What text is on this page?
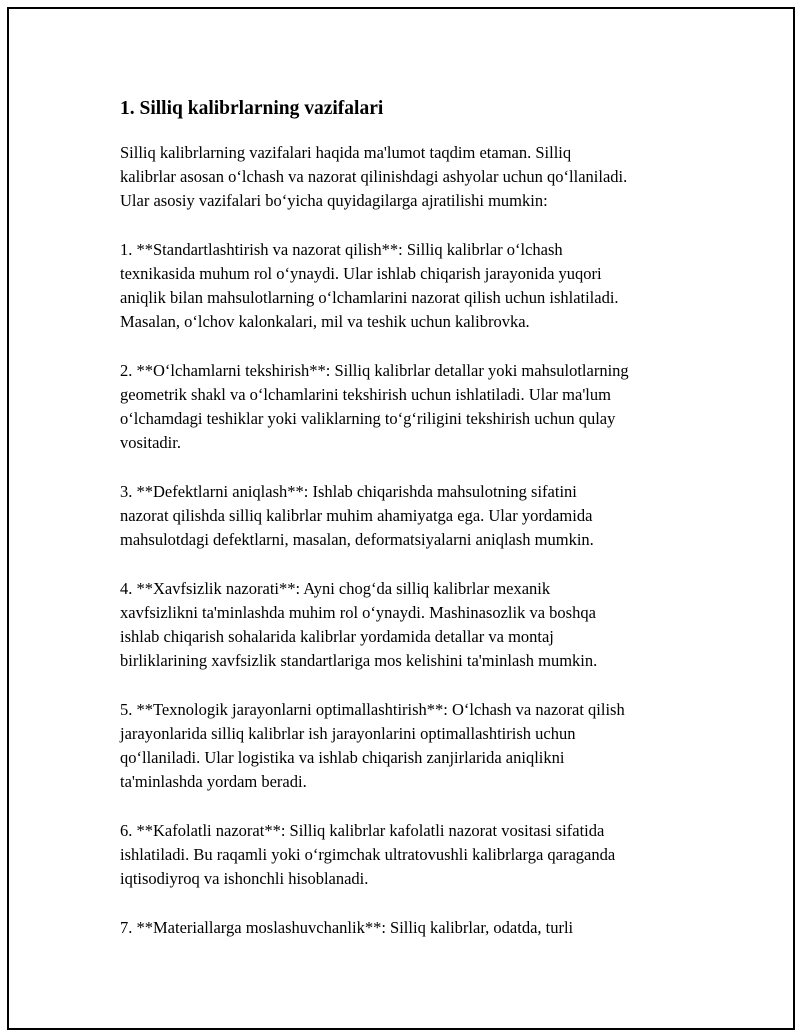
1. Silliq kalibrlarning vazifalari
Silliq kalibrlarning vazifalari haqida ma'lumot taqdim etaman. Silliq
kalibrlar asosan o‘lchash va nazorat qilinishdagi ashyolar uchun qo‘llaniladi.
Ular asosiy vazifalari bo‘yicha quyidagilarga ajratilishi mumkin:
1. **Standartlashtirish va nazorat qilish**: Silliq kalibrlar o‘lchash
texnikasida muhum rol o‘ynaydi. Ular ishlab chiqarish jarayonida yuqori
aniqlik bilan mahsulotlarning o‘lchamlarini nazorat qilish uchun ishlatiladi.
Masalan, o‘lchov kalonkalari, mil va teshik uchun kalibrovka.
2. **O‘lchamlarni tekshirish**: Silliq kalibrlar detallar yoki mahsulotlarning
geometrik shakl va o‘lchamlarini tekshirish uchun ishlatiladi. Ular ma'lum
o‘lchamdagi teshiklar yoki valiklarning to‘g‘riligini tekshirish uchun qulay
vositadir.
3. **Defektlarni aniqlash**: Ishlab chiqarishda mahsulotning sifatini
nazorat qilishda silliq kalibrlar muhim ahamiyatga ega. Ular yordamida
mahsulotdagi defektlarni, masalan, deformatsiyalarni aniqlash mumkin.
4. **Xavfsizlik nazorati**: Ayni chog‘da silliq kalibrlar mexanik
xavfsizlikni ta'minlashda muhim rol o‘ynaydi. Mashinasozlik va boshqa
ishlab chiqarish sohalarida kalibrlar yordamida detallar va montaj
birliklarining xavfsizlik standartlariga mos kelishini ta'minlash mumkin.
5. **Texnologik jarayonlarni optimallashtirish**: O‘lchash va nazorat qilish
jarayonlarida silliq kalibrlar ish jarayonlarini optimallashtirish uchun
qo‘llaniladi. Ular logistika va ishlab chiqarish zanjirlarida aniqlikni
ta'minlashda yordam beradi.
6. **Kafolatli nazorat**: Silliq kalibrlar kafolatli nazorat vositasi sifatida
ishlatiladi. Bu raqamli yoki o‘rgimchak ultratovushli kalibrlarga qaraganda
iqtisodiyroq va ishonchli hisoblanadi.
7. **Materiallarga moslashuvchanlik**: Silliq kalibrlar, odatda, turli
